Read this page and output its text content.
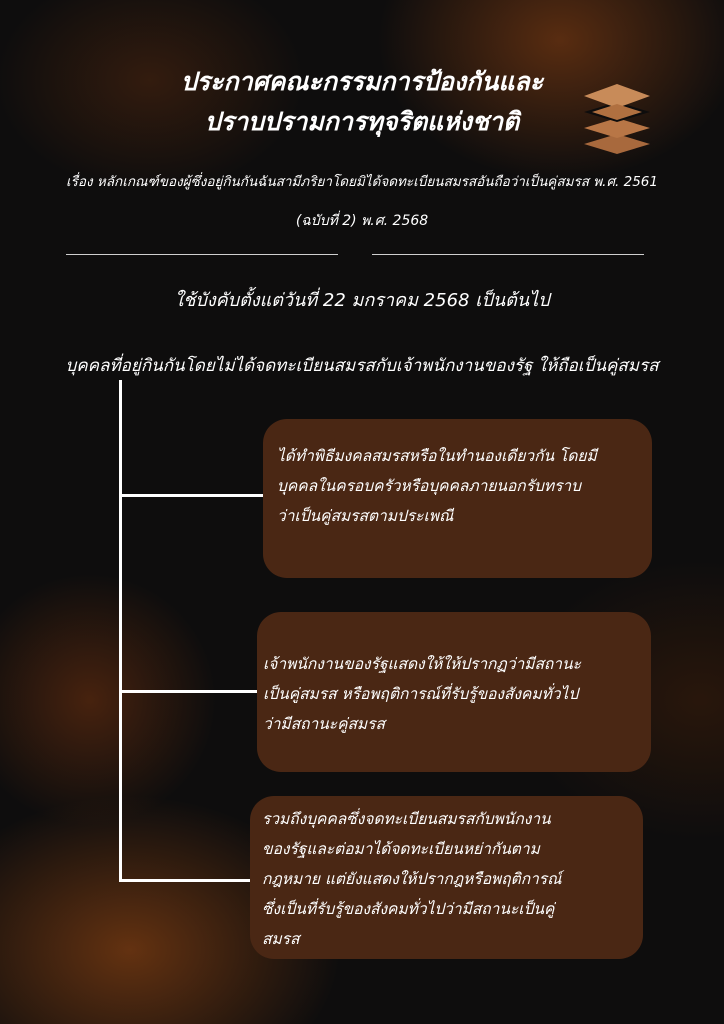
ประกาศคณะกรรมการป้องกันและ
ปราบปรามการทุจริตแห่งชาติ
เรื่อง หลักเกณฑ์ของผู้ซึ่งอยู่กินกันฉันสามีภริยาโดยมิได้จดทะเบียนสมรสอันถือว่าเป็นคู่สมรส พ.ศ. 2561
(ฉบับที่ 2) พ.ศ. 2568
ใช้บังคับตั้งแต่วันที่ 22 มกราคม 2568 เป็นต้นไป
บุคคลที่อยู่กินกันโดยไม่ได้จดทะเบียนสมรสกับเจ้าพนักงานของรัฐ ให้ถือเป็นคู่สมรส
ได้ทำพิธีมงคลสมรสหรือในทำนองเดียวกัน โดยมี
บุคคลในครอบครัวหรือบุคคลภายนอกรับทราบ
ว่าเป็นคู่สมรสตามประเพณี
เจ้าพนักงานของรัฐแสดงให้ให้ปรากฏว่ามีสถานะ
เป็นคู่สมรส หรือพฤติการณ์ที่รับรู้ของสังคมทั่วไป
ว่ามีสถานะคู่สมรส
รวมถึงบุคคลซึ่งจดทะเบียนสมรสกับพนักงาน
ของรัฐและต่อมาได้จดทะเบียนหย่ากันตาม
กฎหมาย แต่ยังแสดงให้ปรากฎหรือพฤติการณ์
ซึ่งเป็นที่รับรู้ของสังคมทั่วไปว่ามีสถานะเป็นคู่
สมรส
